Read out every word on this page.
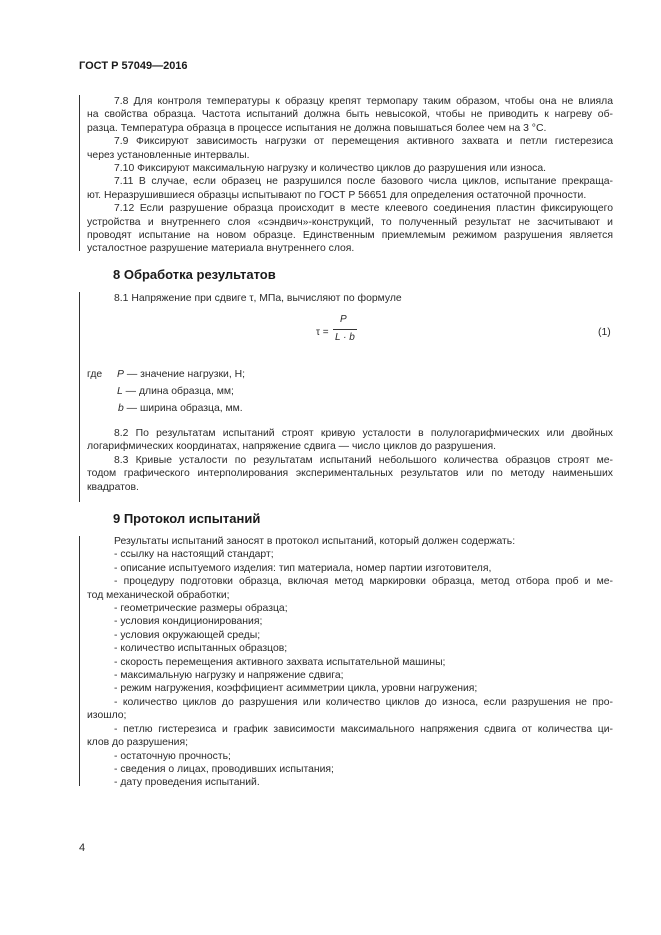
ГОСТ Р 57049—2016
7.8 Для контроля температуры к образцу крепят термопару таким образом, чтобы она не влияла
на свойства образца. Частота испытаний должна быть невысокой, чтобы не приводить к нагреву об-
разца. Температура образца в процессе испытания не должна повышаться более чем на 3 °С.
7.9 Фиксируют зависимость нагрузки от перемещения активного захвата и петли гистерезиса
через установленные интервалы.
7.10 Фиксируют максимальную нагрузку и количество циклов до разрушения или износа.
7.11 В случае, если образец не разрушился после базового числа циклов, испытание прекраща-
ют. Неразрушившиеся образцы испытывают по ГОСТ Р 56651 для определения остаточной прочности.
7.12 Если разрушение образца происходит в месте клеевого соединения пластин фиксирующего
устройства и внутреннего слоя «сэндвич»-конструкций, то полученный результат не засчитывают и
проводят испытание на новом образце. Единственным приемлемым режимом разрушения является
усталостное разрушение материала внутреннего слоя.
8 Обработка результатов
8.1 Напряжение при сдвиге τ, МПа, вычисляют по формуле
τ =
P
L · b	(1)
где P — значение нагрузки, Н;
L — длина образца, мм;
b — ширина образца, мм.
8.2 По результатам испытаний строят кривую усталости в полулогарифмических или двойных
логарифмических координатах, напряжение сдвига — число циклов до разрушения.
8.3 Кривые усталости по результатам испытаний небольшого количества образцов строят ме-
тодом графического интерполирования экспериментальных результатов или по методу наименьших
квадратов.
9 Протокол испытаний
Результаты испытаний заносят в протокол испытаний, который должен содержать:
- ссылку на настоящий стандарт;
- описание испытуемого изделия: тип материала, номер партии изготовителя,
- процедуру подготовки образца, включая метод маркировки образца, метод отбора проб и ме-
тод механической обработки;
- геометрические размеры образца;
- условия кондиционирования;
- условия окружающей среды;
- количество испытанных образцов;
- скорость перемещения активного захвата испытательной машины;
- максимальную нагрузку и напряжение сдвига;
- режим нагружения, коэффициент асимметрии цикла, уровни нагружения;
- количество циклов до разрушения или количество циклов до износа, если разрушения не про-
изошло;
- петлю гистерезиса и график зависимости максимального напряжения сдвига от количества ци-
клов до разрушения;
- остаточную прочность;
- сведения о лицах, проводивших испытания;
- дату проведения испытаний.
4
